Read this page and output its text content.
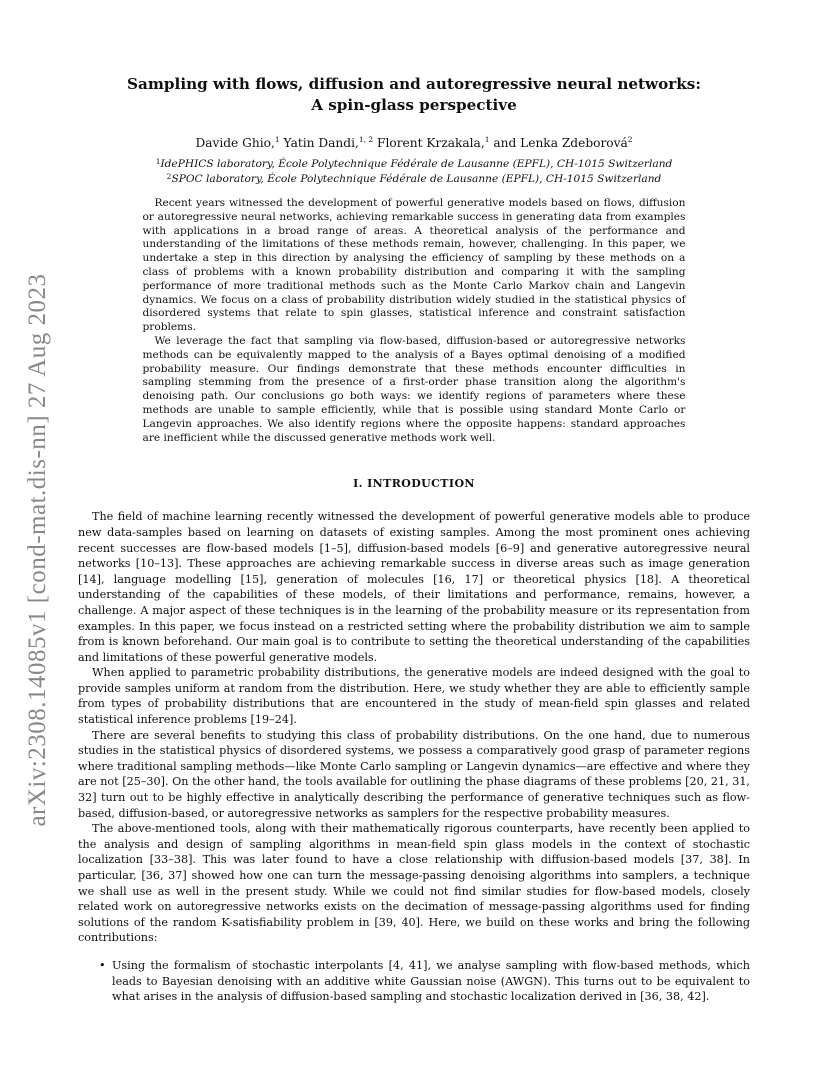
arXiv:2308.14085v1 [cond-mat.dis-nn] 27 Aug 2023
Sampling with flows, diffusion and autoregressive neural networks:
A spin-glass perspective
Davide Ghio,$^1$ Yatin Dandi,$^{1, 2}$ Florent Krzakala,$^1$ and Lenka Zdeborová$^2$
$^1$IdePHICS laboratory, École Polytechnique Fédérale de Lausanne (EPFL), CH-1015 Switzerland
$^2$SPOC laboratory, École Polytechnique Fédérale de Lausanne (EPFL), CH-1015 Switzerland

Recent years witnessed the development of powerful generative models based on flows, diffusion or autoregressive neural networks, achieving remarkable success in generating data from examples with applications in a broad range of areas. A theoretical analysis of the performance and understanding of the limitations of these methods remain, however, challenging. In this paper, we undertake a step in this direction by analysing the efficiency of sampling by these methods on a class of problems with a known probability distribution and comparing it with the sampling performance of more traditional methods such as the Monte Carlo Markov chain and Langevin dynamics. We focus on a class of probability distribution widely studied in the statistical physics of disordered systems that relate to spin glasses, statistical inference and constraint satisfaction problems.

We leverage the fact that sampling via flow-based, diffusion-based or autoregressive networks methods can be equivalently mapped to the analysis of a Bayes optimal denoising of a modified probability measure. Our findings demonstrate that these methods encounter difficulties in sampling stemming from the presence of a first-order phase transition along the algorithm's denoising path. Our conclusions go both ways: we identify regions of parameters where these methods are unable to sample efficiently, while that is possible using standard Monte Carlo or Langevin approaches. We also identify regions where the opposite happens: standard approaches are inefficient while the discussed generative methods work well.

I. INTRODUCTION

The field of machine learning recently witnessed the development of powerful generative models able to produce new data-samples based on learning on datasets of existing samples. Among the most prominent ones achieving recent successes are flow-based models [1–5], diffusion-based models [6–9] and generative autoregressive neural networks [10–13]. These approaches are achieving remarkable success in diverse areas such as image generation [14], language modelling [15], generation of molecules [16, 17] or theoretical physics [18]. A theoretical understanding of the capabilities of these models, of their limitations and performance, remains, however, a challenge. A major aspect of these techniques is in the learning of the probability measure or its representation from examples. In this paper, we focus instead on a restricted setting where the probability distribution we aim to sample from is known beforehand. Our main goal is to contribute to setting the theoretical understanding of the capabilities and limitations of these powerful generative models.

When applied to parametric probability distributions, the generative models are indeed designed with the goal to provide samples uniform at random from the distribution. Here, we study whether they are able to efficiently sample from types of probability distributions that are encountered in the study of mean-field spin glasses and related statistical inference problems [19–24].

There are several benefits to studying this class of probability distributions. On the one hand, due to numerous studies in the statistical physics of disordered systems, we possess a comparatively good grasp of parameter regions where traditional sampling methods—like Monte Carlo sampling or Langevin dynamics—are effective and where they are not [25–30]. On the other hand, the tools available for outlining the phase diagrams of these problems [20, 21, 31, 32] turn out to be highly effective in analytically describing the performance of generative techniques such as flow-based, diffusion-based, or autoregressive networks as samplers for the respective probability measures.

The above-mentioned tools, along with their mathematically rigorous counterparts, have recently been applied to the analysis and design of sampling algorithms in mean-field spin glass models in the context of stochastic localization [33–38]. This was later found to have a close relationship with diffusion-based models [37, 38]. In particular, [36, 37] showed how one can turn the message-passing denoising algorithms into samplers, a technique we shall use as well in the present study. While we could not find similar studies for flow-based models, closely related work on autoregressive networks exists on the decimation of message-passing algorithms used for finding solutions of the random K-satisfiability problem in [39, 40]. Here, we build on these works and bring the following contributions:

• Using the formalism of stochastic interpolants [4, 41], we analyse sampling with flow-based methods, which leads to Bayesian denoising with an additive white Gaussian noise (AWGN). This turns out to be equivalent to what arises in the analysis of diffusion-based sampling and stochastic localization derived in [36, 38, 42].
